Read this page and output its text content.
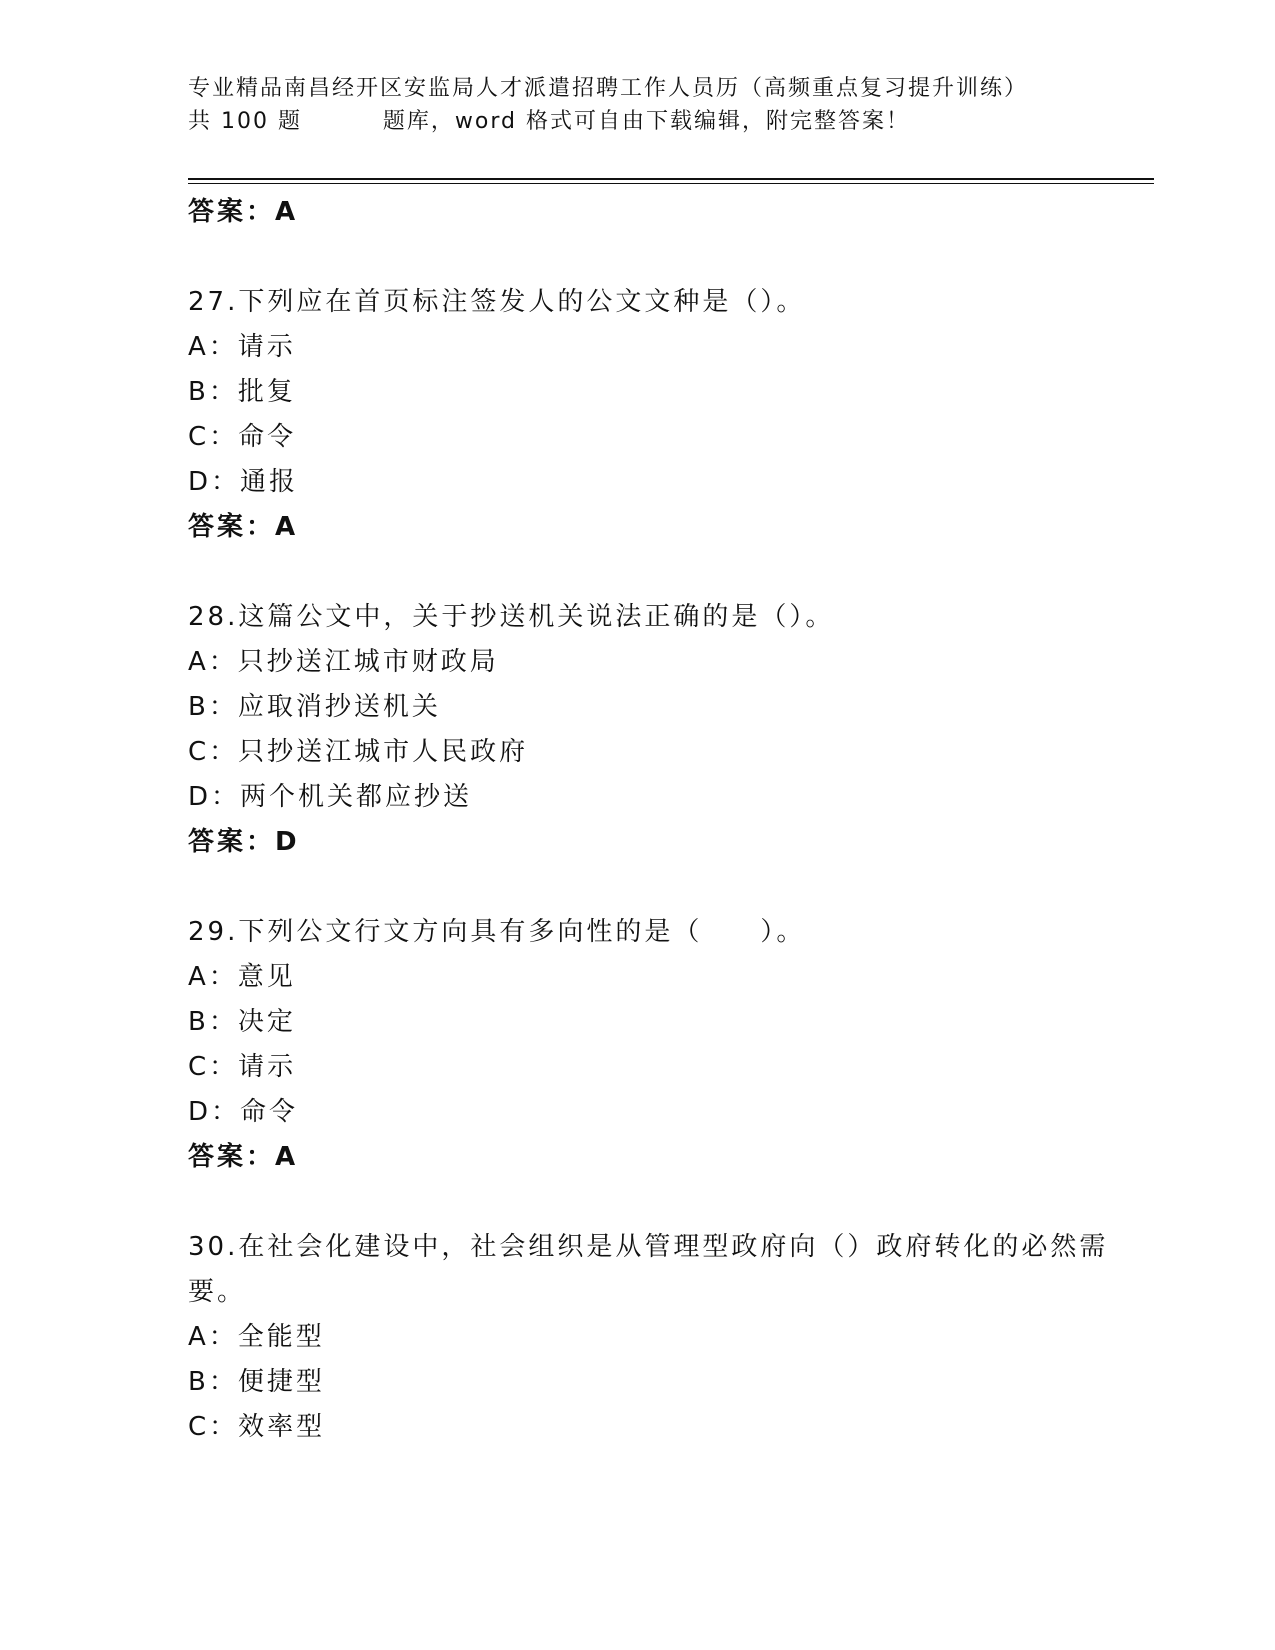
专业精品南昌经开区安监局人才派遣招聘工作人员历（高频重点复习提升训练）
共 100 题         题库，word 格式可自由下载编辑，附完整答案！
答案：A
27.下列应在首页标注签发人的公文文种是（）。
A：请示
B：批复
C：命令
D：通报
答案：A
28.这篇公文中，关于抄送机关说法正确的是（）。
A：只抄送江城市财政局
B：应取消抄送机关
C：只抄送江城市人民政府
D：两个机关都应抄送
答案：D
29.下列公文行文方向具有多向性的是（　　）。
A：意见
B：决定
C：请示
D：命令
答案：A
30.在社会化建设中，社会组织是从管理型政府向（）政府转化的必然需要。
A：全能型
B：便捷型
C：效率型
